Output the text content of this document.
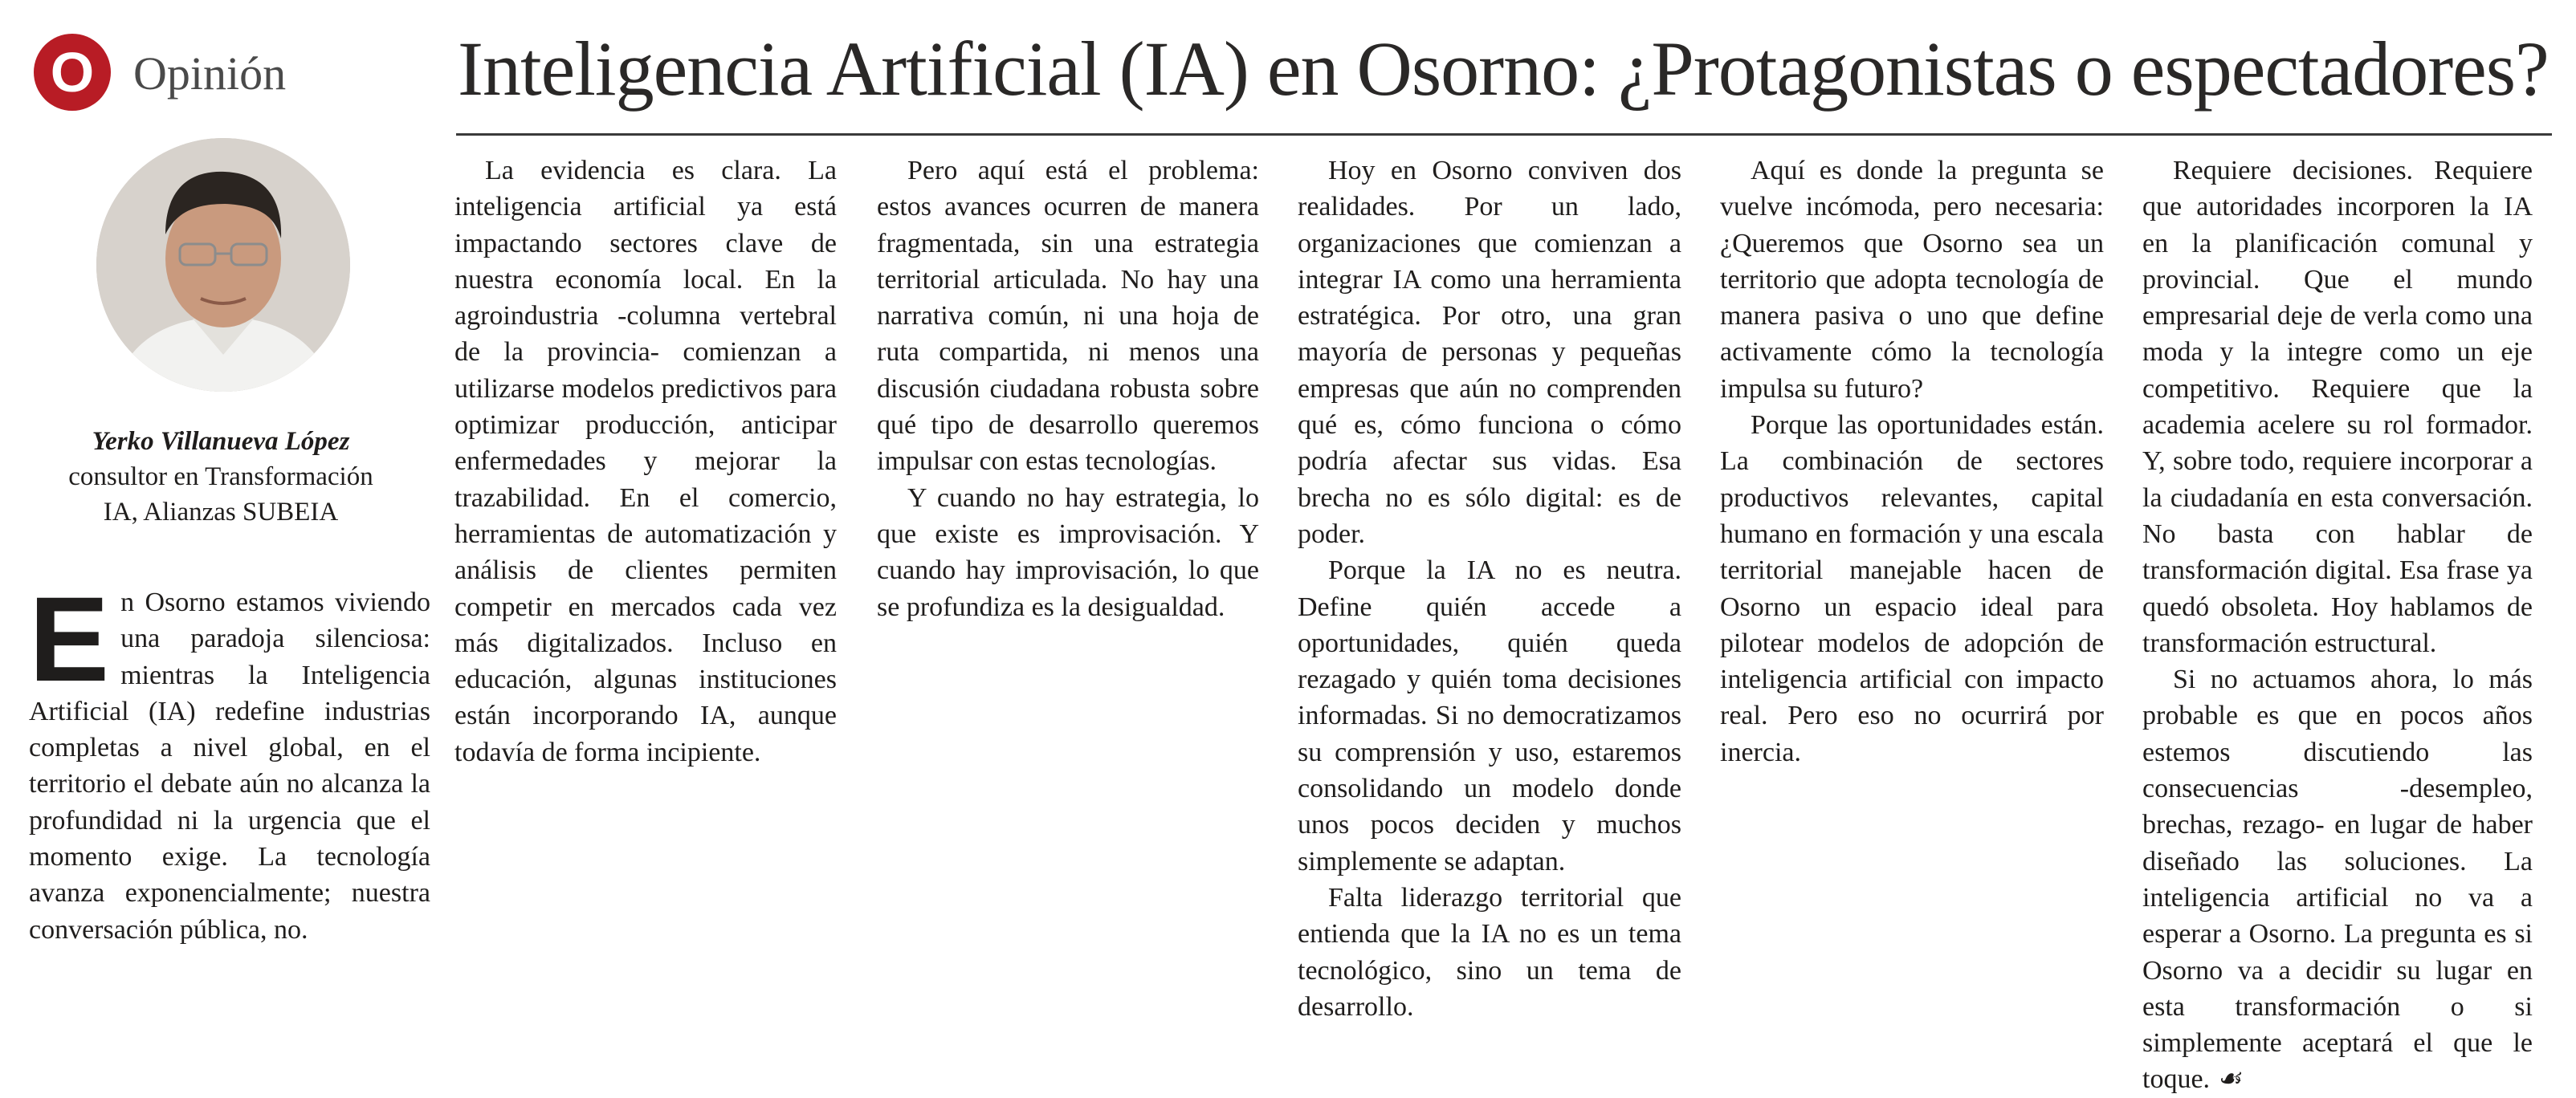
O Opinión Inteligencia Artificial (IA) en Osorno: ¿Protagonistas o espectadores?
Yerko Villanueva López
consultor en Transformación
IA, Alianzas SUBEIA

En Osorno estamos viviendo una paradoja silenciosa: mientras la Inteligencia Artificial (IA) redefine industrias completas a nivel global, en el territorio el debate aún no alcanza la profundidad ni la urgencia que el momento exige. La tecnología avanza exponencialmente; nuestra conversación pública, no.

La evidencia es clara. La inteligencia artificial ya está impactando sectores clave de nuestra economía local. En la agroindustria -columna vertebral de la provincia- comienzan a utilizarse modelos predictivos para optimizar producción, anticipar enfermedades y mejorar la trazabilidad. En el comercio, herramientas de automatización y análisis de clientes permiten competir en mercados cada vez más digitalizados. Incluso en educación, algunas instituciones están incorporando IA, aunque todavía de forma incipiente.

Pero aquí está el problema: estos avances ocurren de manera fragmentada, sin una estrategia territorial articulada. No hay una narrativa común, ni una hoja de ruta compartida, ni menos una discusión ciudadana robusta sobre qué tipo de desarrollo queremos impulsar con estas tecnologías.

Y cuando no hay estrategia, lo que existe es improvisación. Y cuando hay improvisación, lo que se profundiza es la desigualdad.

Hoy en Osorno conviven dos realidades. Por un lado, organizaciones que comienzan a integrar IA como una herramienta estratégica. Por otro, una gran mayoría de personas y pequeñas empresas que aún no comprenden qué es, cómo funciona o cómo podría afectar sus vidas. Esa brecha no es sólo digital: es de poder.

Porque la IA no es neutra. Define quién accede a oportunidades, quién queda rezagado y quién toma decisiones informadas. Si no democratizamos su comprensión y uso, estaremos consolidando un modelo donde unos pocos deciden y muchos simplemente se adaptan.

Falta liderazgo territorial que entienda que la IA no es un tema tecnológico, sino un tema de desarrollo.

Aquí es donde la pregunta se vuelve incómoda, pero necesaria: ¿Queremos que Osorno sea un territorio que adopta tecnología de manera pasiva o uno que define activamente cómo la tecnología impulsa su futuro?

Porque las oportunidades están. La combinación de sectores productivos relevantes, capital humano en formación y una escala territorial manejable hacen de Osorno un espacio ideal para pilotear modelos de adopción de inteligencia artificial con impacto real. Pero eso no ocurrirá por inercia.

Requiere decisiones. Requiere que autoridades incorporen la IA en la planificación comunal y provincial. Que el mundo empresarial deje de verla como una moda y la integre como un eje competitivo. Requiere que la academia acelere su rol formador. Y, sobre todo, requiere incorporar a la ciudadanía en esta conversación. No basta con hablar de transformación digital. Esa frase ya quedó obsoleta. Hoy hablamos de transformación estructural.

Si no actuamos ahora, lo más probable es que en pocos años estemos discutiendo las consecuencias -desempleo, brechas, rezago- en lugar de haber diseñado las soluciones. La inteligencia artificial no va a esperar a Osorno. La pregunta es si Osorno va a decidir su lugar en esta transformación o si simplemente aceptará el que le toque. ☙
